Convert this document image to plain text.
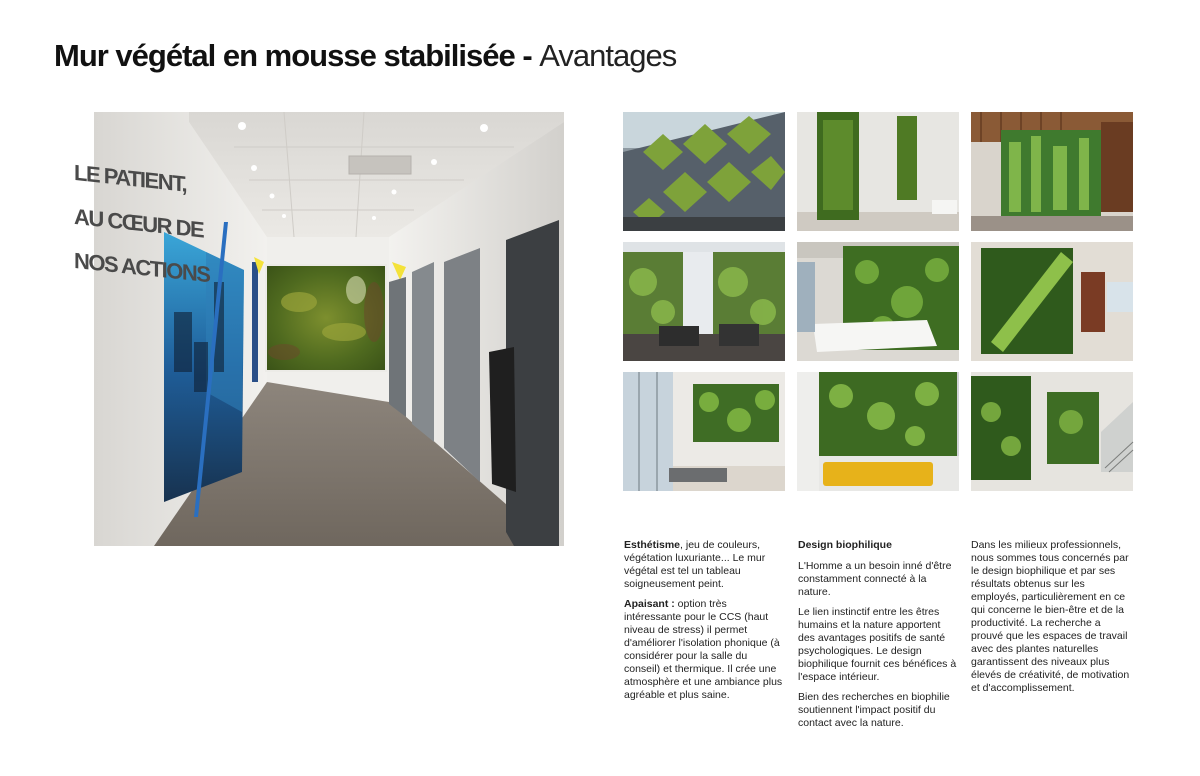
Mur végétal en mousse stabilisée - Avantages
LE PATIENT,
AU CŒUR DE
NOS ACTIONS

Esthétisme, jeu de couleurs, végétation luxuriante... Le mur végétal est tel un tableau soigneusement peint.

Apaisant : option très intéressante pour le CCS (haut niveau de stress) il permet d'améliorer l'isolation phonique (à considérer pour la salle du conseil) et thermique. Il crée une atmosphère et une ambiance plus agréable et plus saine.

Design biophilique

L'Homme a un besoin inné d'être constamment connecté à la nature.

Le lien instinctif entre les êtres humains et la nature apportent des avantages positifs de santé psychologiques. Le design biophilique fournit ces bénéfices à l'espace intérieur.

Bien des recherches en biophilie soutiennent l'impact positif du contact avec la nature.

Dans les milieux professionnels, nous sommes tous concernés par le design biophilique et par ses résultats obtenus sur les employés, particulièrement en ce qui concerne le bien-être et de la productivité. La recherche a prouvé que les espaces de travail avec des plantes naturelles garantissent des niveaux plus élevés de créativité, de motivation et d'accomplissement.
